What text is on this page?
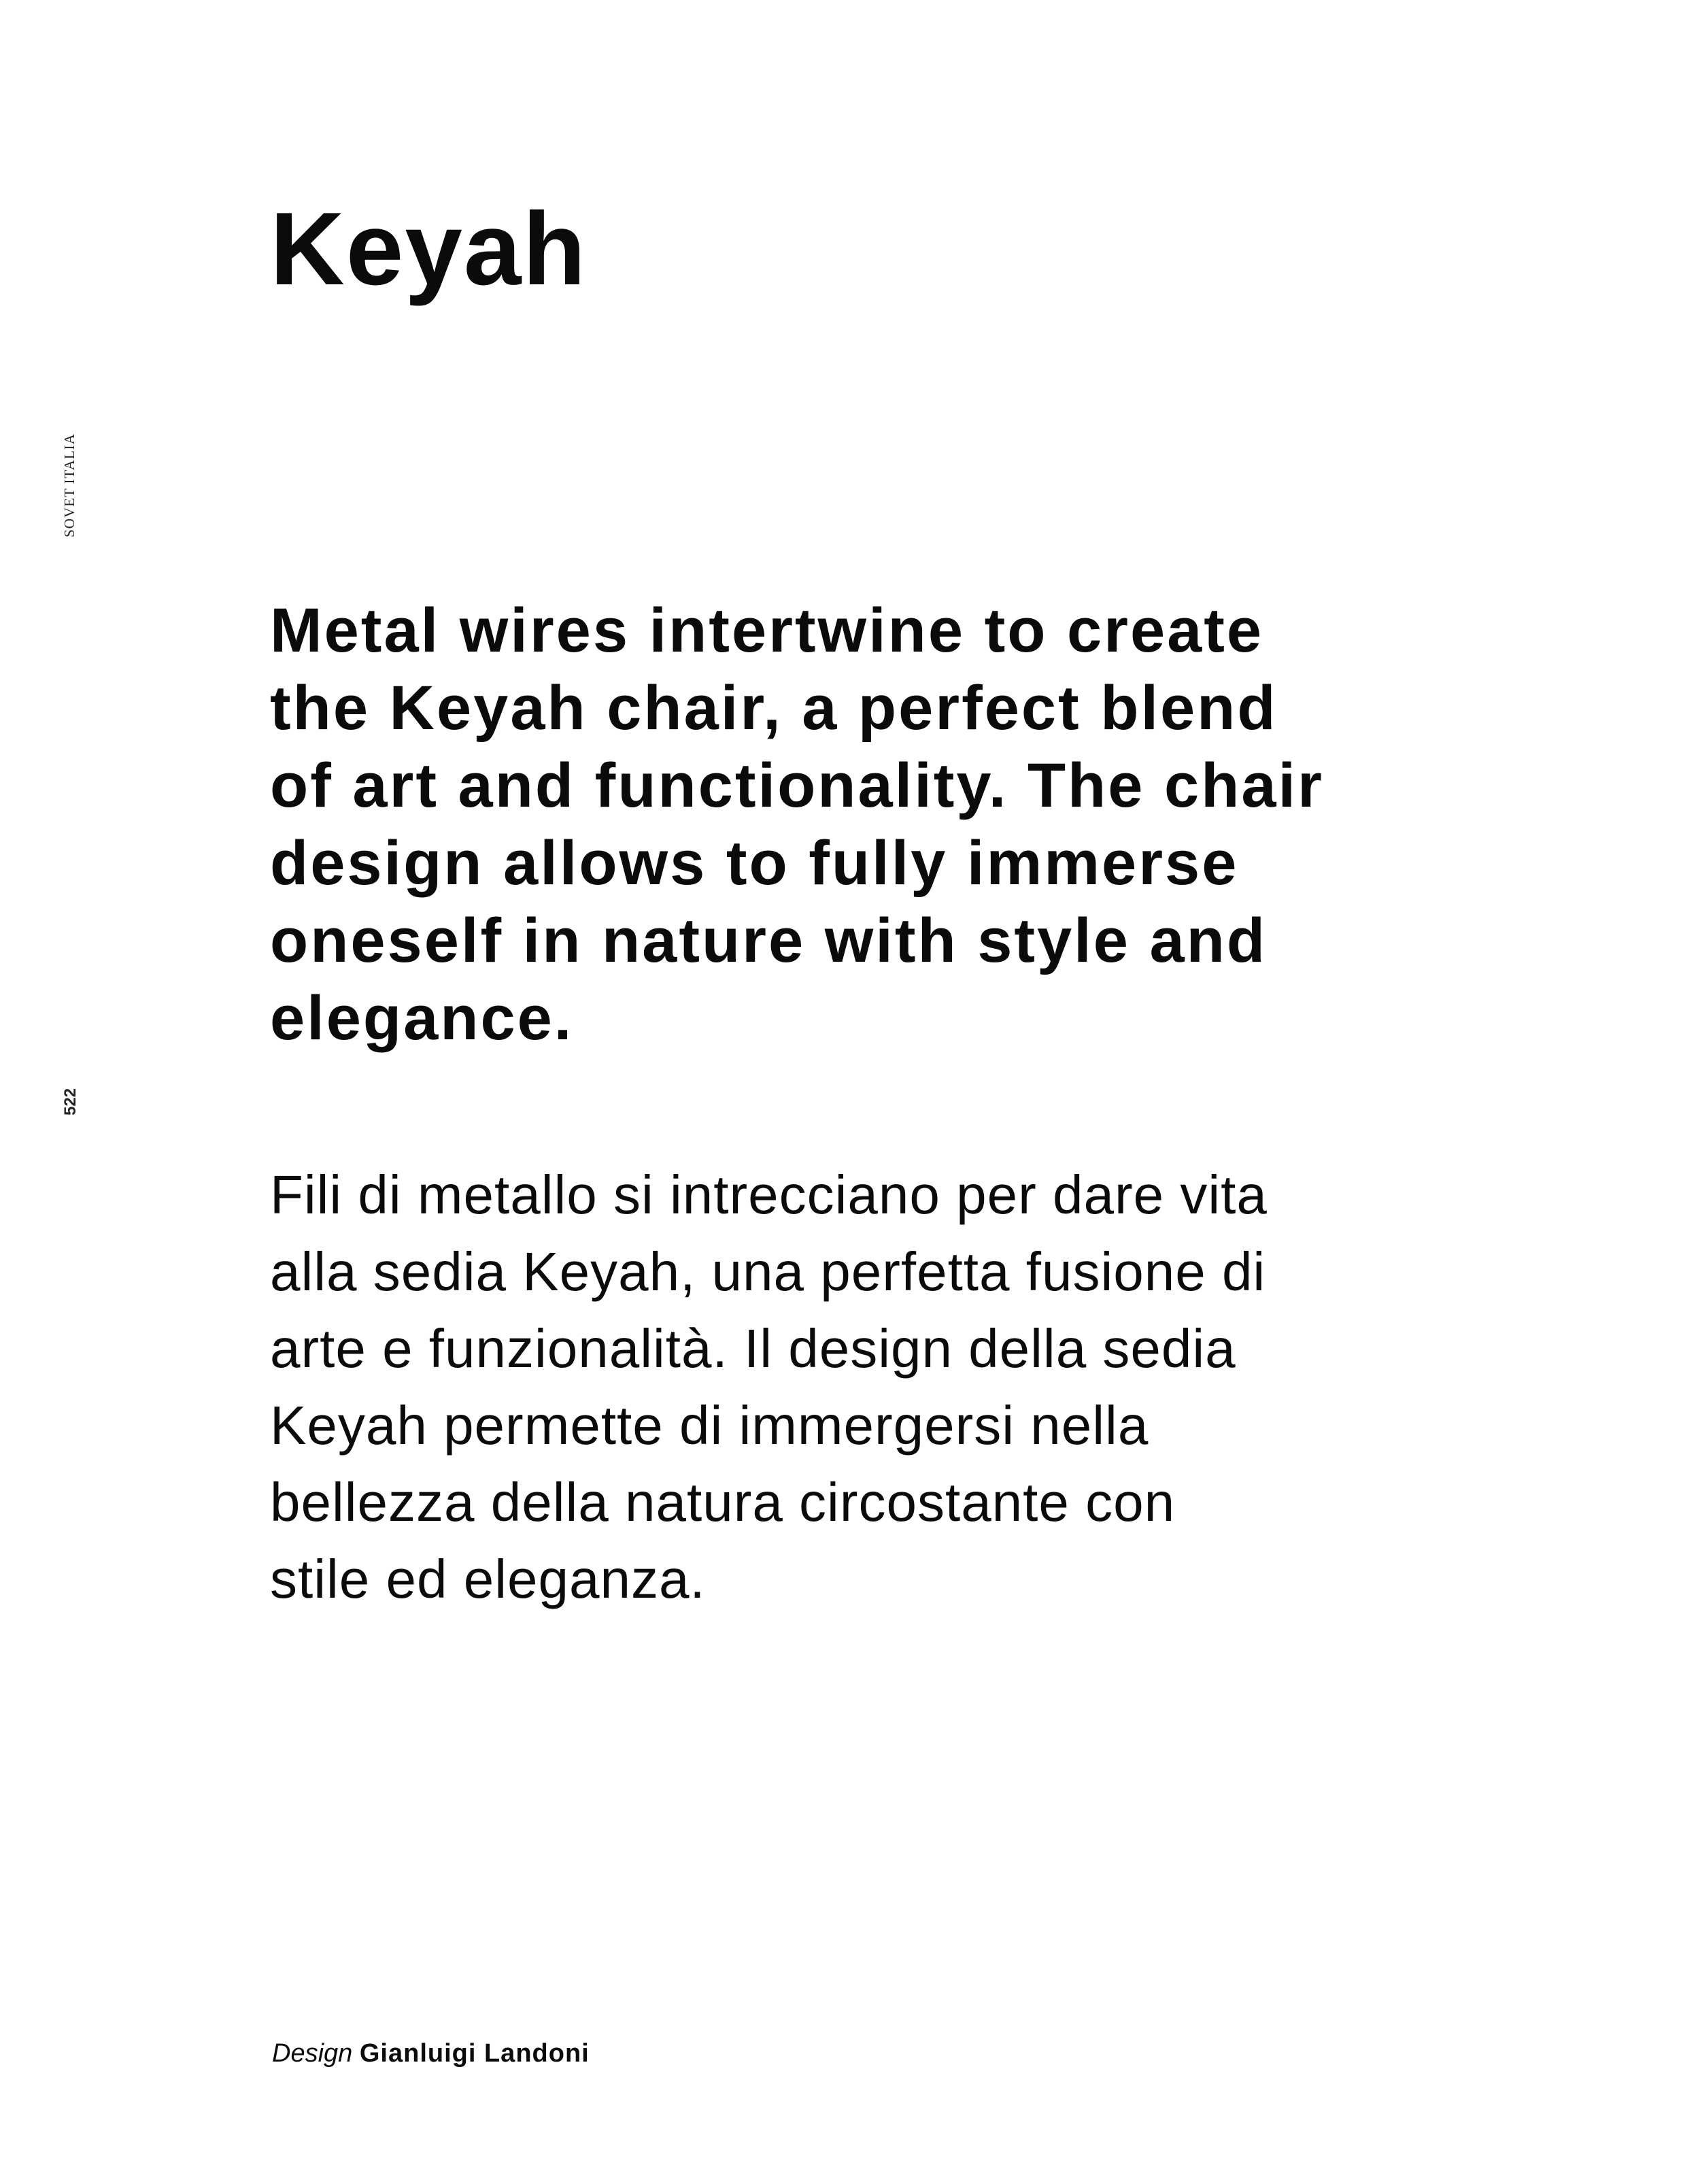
SOVET ITALIA
522
Keyah

Metal wires intertwine to create
the Keyah chair, a perfect blend
of art and functionality. The chair
design allows to fully immerse
oneself in nature with style and
elegance.

Fili di metallo si intrecciano per dare vita
alla sedia Keyah, una perfetta fusione di
arte e funzionalità. Il design della sedia
Keyah permette di immergersi nella
bellezza della natura circostante con
stile ed eleganza.

Design Gianluigi Landoni
